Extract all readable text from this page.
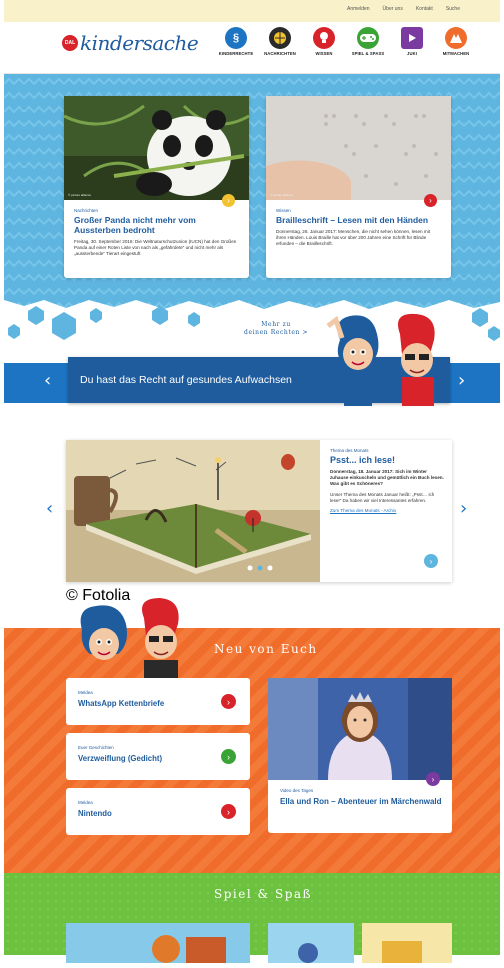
Anmelden	Über uns	Kontakt	Suche
DAL kindersache	§
KINDERRECHTE	NACHRICHTEN	WISSEN	SPIEL & SPASS	JUKI	MITMACHEN
© picture alliance
›
Nachrichten
Großer Panda nicht mehr vom Aussterben bedroht

Freitag, 30. September 2016: Die Weltnaturschutzunion (IUCN) hat den Großen Panda auf einer Roten Liste von nach als „gefährdete“ und nicht mehr als „aussterbende“ Tierart eingestuft

© picture alliance
›
Wissen
Brailleschrift – Lesen mit den Händen

Donnerstag, 26. Januar 2017: Menschen, die nicht sehen können, lesen mit ihren Händen. Louis Braille hat vor über 200 Jahren eine Schrift für Blinde erfunden – die Brailleschrift.

Mehr zu
deinen Rechten >
Du hast das Recht auf gesundes Aufwachsen
‹	›
‹	›
© Fotolia
Thema des Monats
Psst... ich lese!
Donnerstag, 18. Januar 2017: Sich im Winter zuhause einkuscheln und gemütlich ein Buch lesen. Was gibt es Schöneres?
Unser Thema des Monats Januar heißt: „Psst… ich lese!“ Da haben wir viel Interessantes erfahren.
Zum Thema des Monats - Archiv
›
Neu von Euch
Meldea
WhatsApp Kettenbriefe	›
Euer Geschichten
Verzweiflung (Gedicht)	›
Meldea
Nintendo	›
›
Video des Tages
Ella und Ron – Abenteuer im Märchenwald
Spiel & Spaß
